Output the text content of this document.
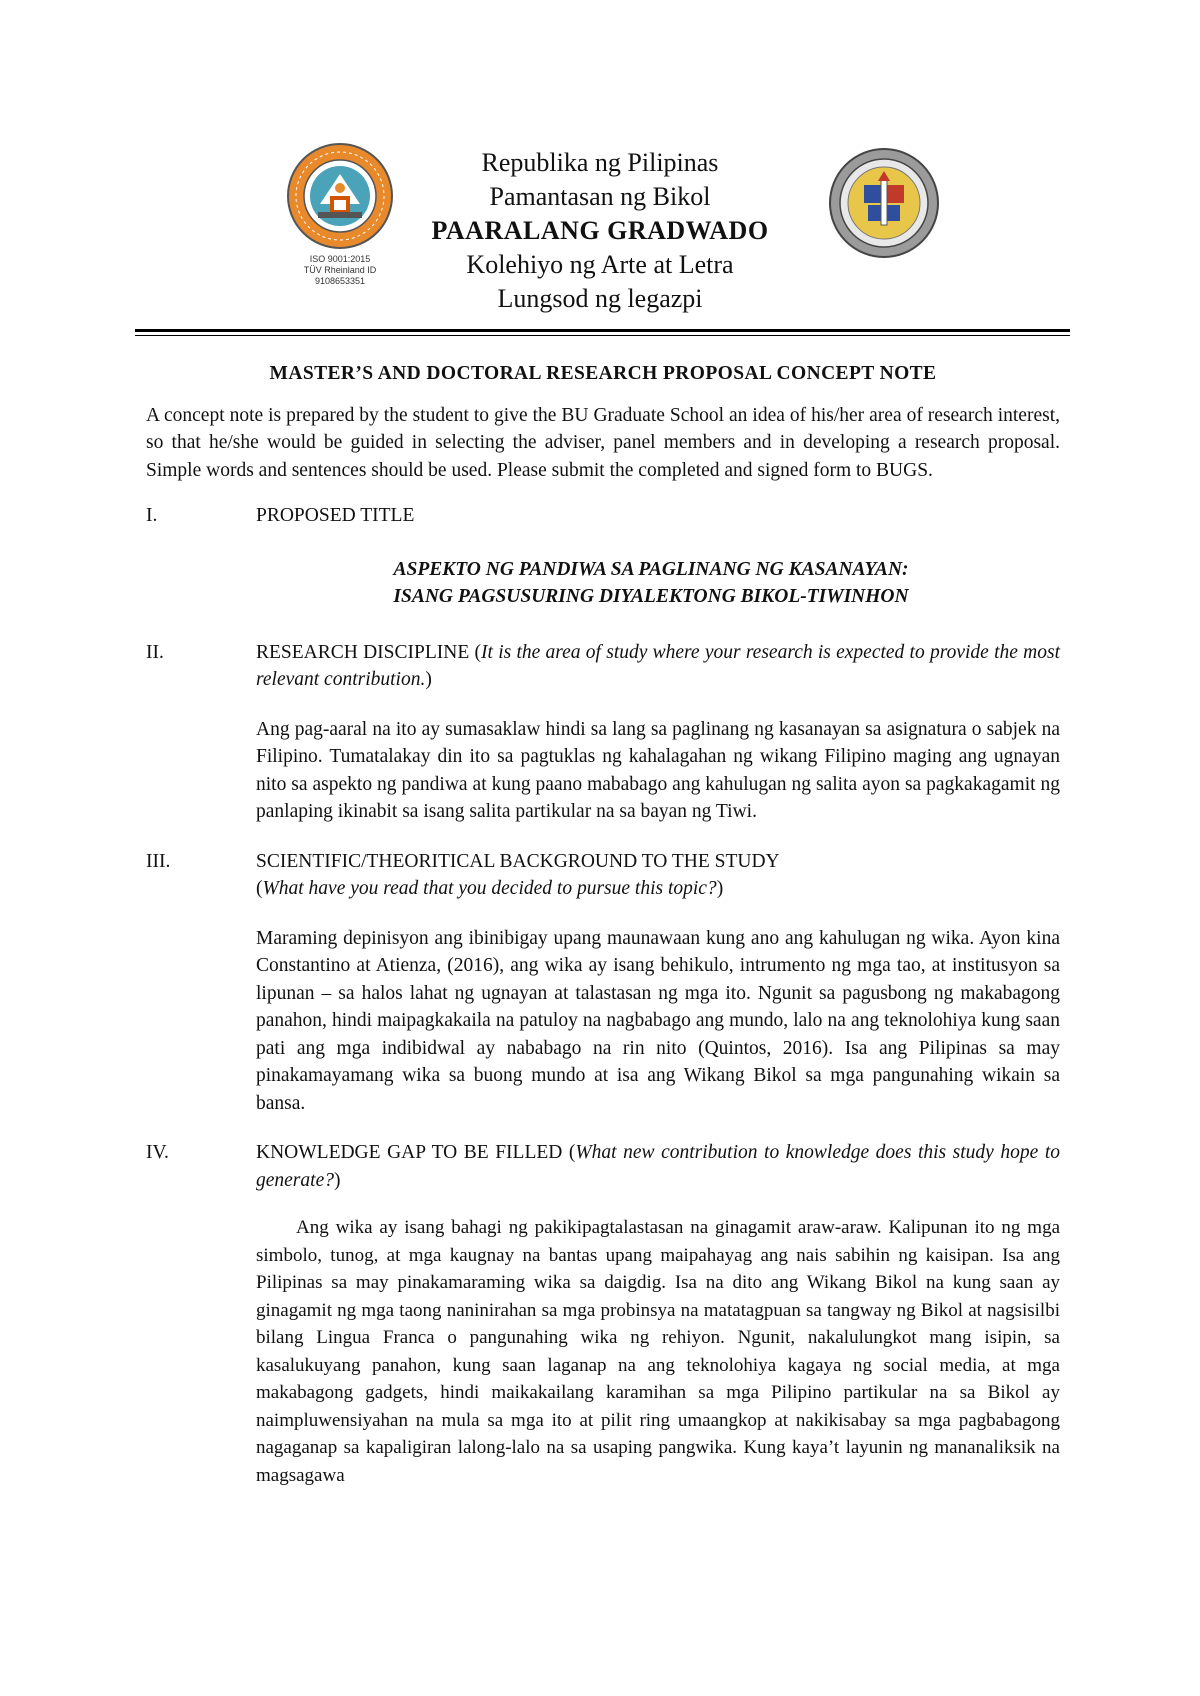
ISO 9001:2015
TÜV Rheinland ID 9108653351
Republika ng Pilipinas
Pamantasan ng Bikol
PAARALANG GRADWADO
Kolehiyo ng Arte at Letra
Lungsod ng legazpi
MASTER’S AND DOCTORAL RESEARCH PROPOSAL CONCEPT NOTE
A concept note is prepared by the student to give the BU Graduate School an idea of his/her area of research interest, so that he/she would be guided in selecting the adviser, panel members and in developing a research proposal. Simple words and sentences should be used. Please submit the completed and signed form to BUGS.
I.	PROPOSED TITLE
ASPEKTO NG PANDIWA SA PAGLINANG NG KASANAYAN:
ISANG PAGSUSURING DIYALEKTONG BIKOL-TIWINHON
II.	RESEARCH DISCIPLINE (It is the area of study where your research is expected to provide the most relevant contribution.)
Ang pag-aaral na ito ay sumasaklaw hindi sa lang sa paglinang ng kasanayan sa asignatura o sabjek na Filipino. Tumatalakay din ito sa pagtuklas ng kahalagahan ng wikang Filipino maging ang ugnayan nito sa aspekto ng pandiwa at kung paano mababago ang kahulugan ng salita ayon sa pagkakagamit ng panlaping ikinabit sa isang salita partikular na sa bayan ng Tiwi.
III.	SCIENTIFIC/THEORITICAL BACKGROUND TO THE STUDY
(What have you read that you decided to pursue this topic?)
Maraming depinisyon ang ibinibigay upang maunawaan kung ano ang kahulugan ng wika. Ayon kina Constantino at Atienza, (2016), ang wika ay isang behikulo, intrumento ng mga tao, at institusyon sa lipunan – sa halos lahat ng ugnayan at talastasan ng mga ito. Ngunit sa pagusbong ng makabagong panahon, hindi maipagkakaila na patuloy na nagbabago ang mundo, lalo na ang teknolohiya kung saan pati ang mga indibidwal ay nababago na rin nito (Quintos, 2016). Isa ang Pilipinas sa may pinakamayamang wika sa buong mundo at isa ang Wikang Bikol sa mga pangunahing wikain sa bansa.
IV.	KNOWLEDGE GAP TO BE FILLED (What new contribution to knowledge does this study hope to generate?)
Ang wika ay isang bahagi ng pakikipagtalastasan na ginagamit araw-araw. Kalipunan ito ng mga simbolo, tunog, at mga kaugnay na bantas upang maipahayag ang nais sabihin ng kaisipan. Isa ang Pilipinas sa may pinakamaraming wika sa daigdig. Isa na dito ang Wikang Bikol na kung saan ay ginagamit ng mga taong naninirahan sa mga probinsya na matatagpuan sa tangway ng Bikol at nagsisilbi bilang Lingua Franca o pangunahing wika ng rehiyon. Ngunit, nakalulungkot mang isipin, sa kasalukuyang panahon, kung saan laganap na ang teknolohiya kagaya ng social media, at mga makabagong gadgets, hindi maikakailang karamihan sa mga Pilipino partikular na sa Bikol ay naimpluwensiyahan na mula sa mga ito at pilit ring umaangkop at nakikisabay sa mga pagbabagong nagaganap sa kapaligiran lalong-lalo na sa usaping pangwika. Kung kaya’t layunin ng mananaliksik na magsagawa
